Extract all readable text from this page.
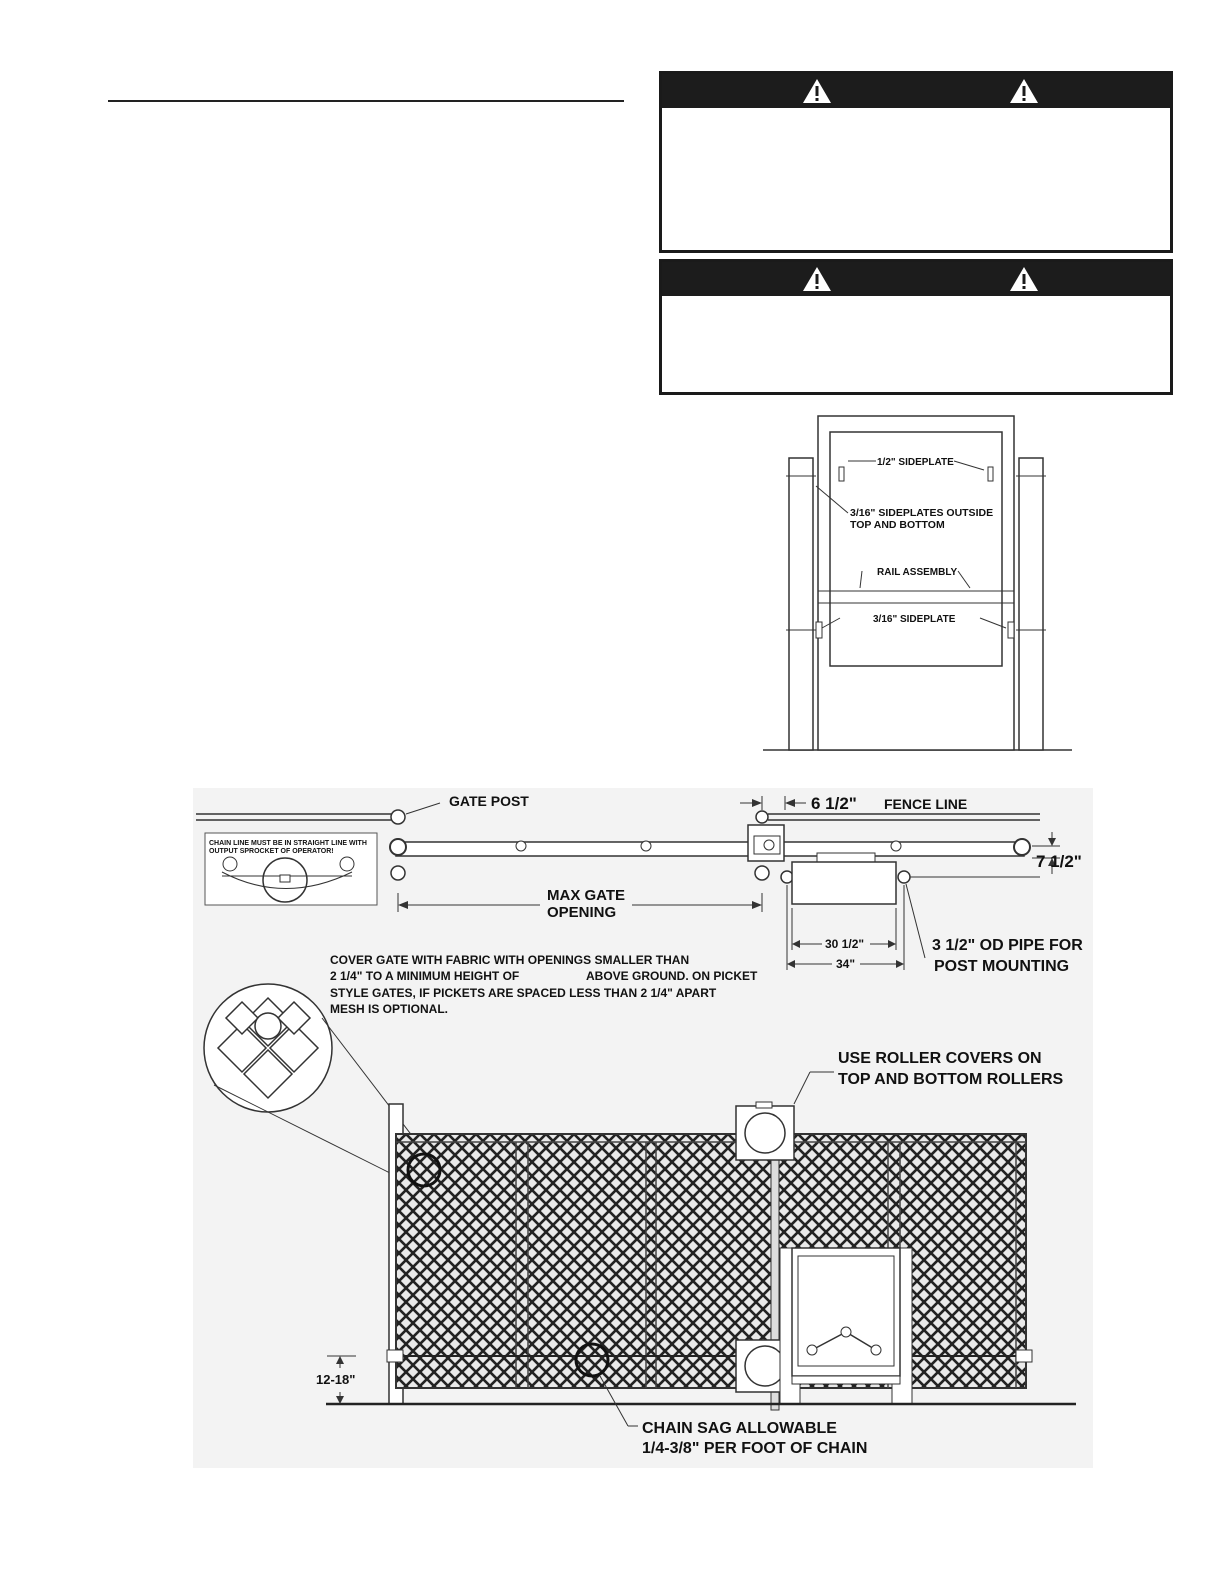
1/2" SIDEPLATE
3/16" SIDEPLATES OUTSIDE
TOP AND BOTTOM
RAIL ASSEMBLY
3/16" SIDEPLATE
GATE POST	6 1/2" FENCE LINE
7 1/2"
CHAIN LINE MUST BE IN STRAIGHT LINE WITH
OUTPUT SPROCKET OF OPERATOR!
MAX GATE
OPENING
30 1/2"
34"
3 1/2" OD PIPE FOR
POST MOUNTING
COVER GATE WITH FABRIC WITH OPENINGS SMALLER THAN
2 1/4" TO A MINIMUM HEIGHT OF	ABOVE GROUND. ON PICKET
STYLE GATES, IF PICKETS ARE SPACED LESS THAN 2 1/4" APART
MESH IS OPTIONAL.
12-18"
USE ROLLER COVERS ON
TOP AND BOTTOM ROLLERS
CHAIN SAG ALLOWABLE
1/4-3/8" PER FOOT OF CHAIN
